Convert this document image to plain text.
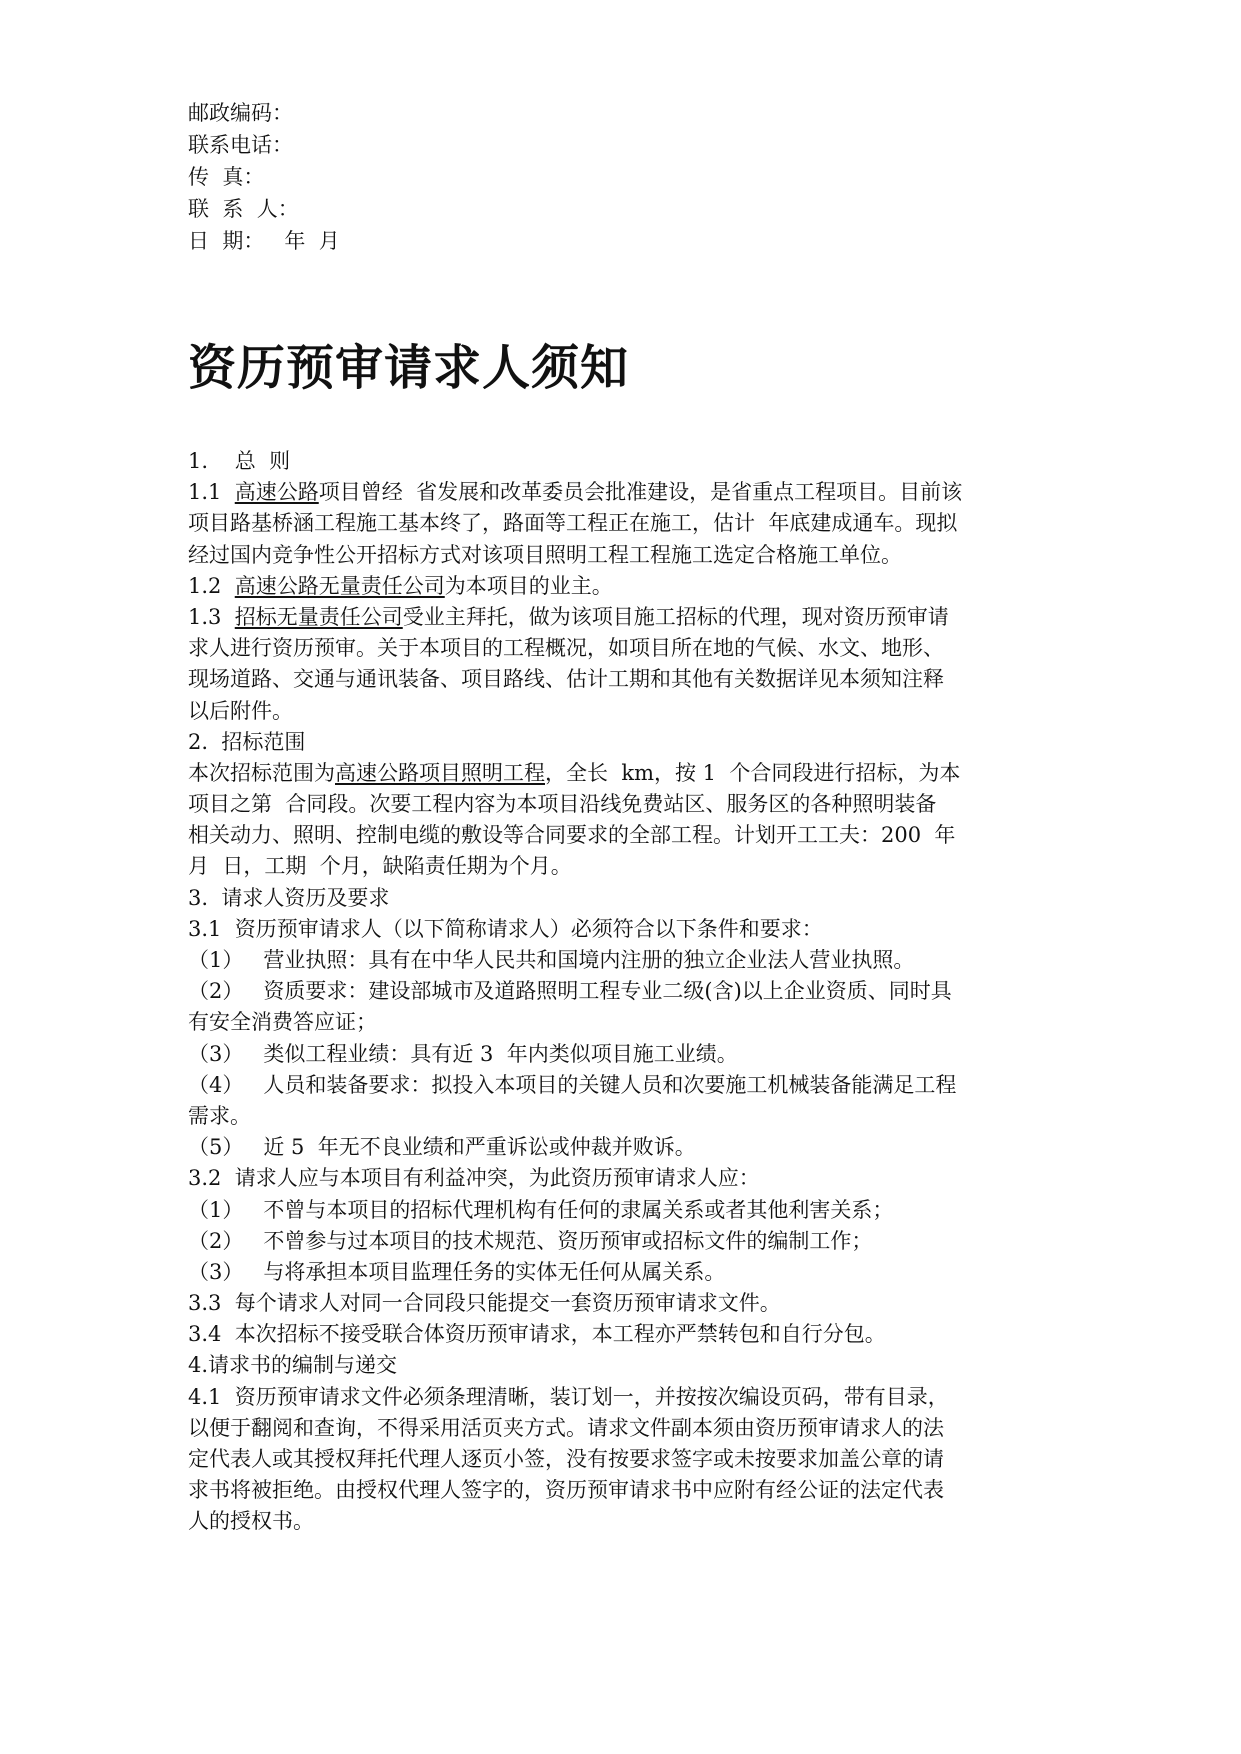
邮政编码：
联系电话：
传  真：
联  系  人：
日  期：   年  月
资历预审请求人须知
1.    总  则
1.1  高速公路项目曾经  省发展和改革委员会批准建设，是省重点工程项目。目前该
项目路基桥涵工程施工基本终了，路面等工程正在施工，估计  年底建成通车。现拟
经过国内竞争性公开招标方式对该项目照明工程工程施工选定合格施工单位。
1.2  高速公路无量责任公司为本项目的业主。
1.3  招标无量责任公司受业主拜托，做为该项目施工招标的代理，现对资历预审请
求人进行资历预审。关于本项目的工程概况，如项目所在地的气候、水文、地形、
现场道路、交通与通讯装备、项目路线、估计工期和其他有关数据详见本须知注释
以后附件。
2.  招标范围
本次招标范围为高速公路项目照明工程，全长  km，按 1  个合同段进行招标，为本
项目之第  合同段。次要工程内容为本项目沿线免费站区、服务区的各种照明装备
相关动力、照明、控制电缆的敷设等合同要求的全部工程。计划开工工夫：200  年
月  日，工期  个月，缺陷责任期为个月。
3.  请求人资历及要求
3.1  资历预审请求人（以下简称请求人）必须符合以下条件和要求：
（1）   营业执照：具有在中华人民共和国境内注册的独立企业法人营业执照。
（2）   资质要求：建设部城市及道路照明工程专业二级(含)以上企业资质、同时具
有安全消费答应证；
（3）   类似工程业绩：具有近 3  年内类似项目施工业绩。
（4）   人员和装备要求：拟投入本项目的关键人员和次要施工机械装备能满足工程
需求。
（5）   近 5  年无不良业绩和严重诉讼或仲裁并败诉。
3.2  请求人应与本项目有利益冲突，为此资历预审请求人应：
（1）   不曾与本项目的招标代理机构有任何的隶属关系或者其他利害关系；
（2）   不曾参与过本项目的技术规范、资历预审或招标文件的编制工作；
（3）   与将承担本项目监理任务的实体无任何从属关系。
3.3  每个请求人对同一合同段只能提交一套资历预审请求文件。
3.4  本次招标不接受联合体资历预审请求，本工程亦严禁转包和自行分包。
4.请求书的编制与递交
4.1  资历预审请求文件必须条理清晰，装订划一，并按按次编设页码，带有目录，
以便于翻阅和查询，不得采用活页夹方式。请求文件副本须由资历预审请求人的法
定代表人或其授权拜托代理人逐页小签，没有按要求签字或未按要求加盖公章的请
求书将被拒绝。由授权代理人签字的，资历预审请求书中应附有经公证的法定代表
人的授权书。
